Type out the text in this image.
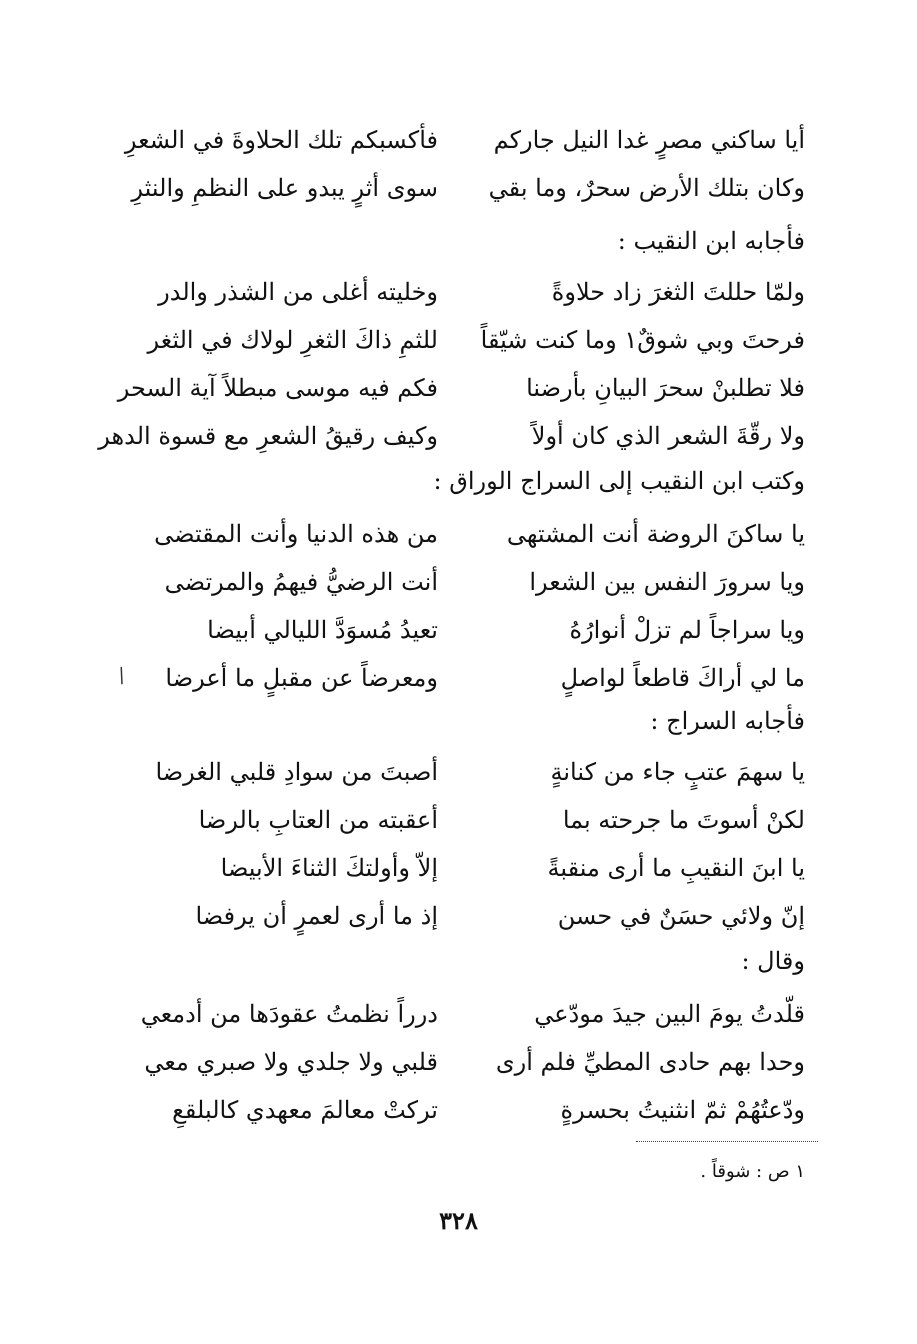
أيا ساكني مصرٍ غدا النيل جاركم
فأكسبكم تلك الحلاوةَ في الشعرِ
وكان بتلك الأرض سحرٌ، وما بقي
سوى أثرٍ يبدو على النظمِ والنثرِ
فأجابه ابن النقيب :
ولمّا حللتَ الثغرَ زاد حلاوةً
وخليته أغلى من الشذر والدر
فرحتَ وبي شوقٌ١ وما كنت شيّقاً
للثمِ ذاكَ الثغرِ لولاك في الثغر
فلا تطلبنْ سحرَ البيانِ بأرضنا
فكم فيه موسى مبطلاً آية السحر
ولا رقّةَ الشعر الذي كان أولاً
وكيف رقيقُ الشعرِ مع قسوة الدهر
وكتب ابن النقيب إلى السراج الوراق :
يا ساكنَ الروضة أنت المشتهى
من هذه الدنيا وأنت المقتضى
ويا سرورَ النفس بين الشعرا
أنت الرضيُّ فيهمُ والمرتضى
ويا سراجاً لم تزلْ أنوارُهُ
تعيدُ مُسوَدَّ الليالي أبيضا
ما لي أراكَ قاطعاً لواصلٍ
ومعرضاً عن مقبلٍ ما أعرضا
/
فأجابه السراج :
يا سهمَ عتبٍ جاء من كنانةٍ
أصبتَ من سوادِ قلبي الغرضا
لكنْ أسوتَ ما جرحته بما
أعقبته من العتابِ بالرضا
يا ابنَ النقيبِ ما أرى منقبةً
إلاّ وأولتكَ الثناءَ الأبيضا
إنّ ولائي حسَنٌ في حسن
إذ ما أرى لعمرٍ أن يرفضا
وقال :
قلّدتُ يومَ البين جيدَ مودّعي
درراً نظمتُ عقودَها من أدمعي
وحدا بهم حادى المطيِّ فلم أرى
قلبي ولا جلدي ولا صبري معي
ودّعتُهُمْ ثمّ انثنيتُ بحسرةٍ
تركتْ معالمَ معهدي كالبلقعِ
١ ص : شوقاً .
٣٢٨
